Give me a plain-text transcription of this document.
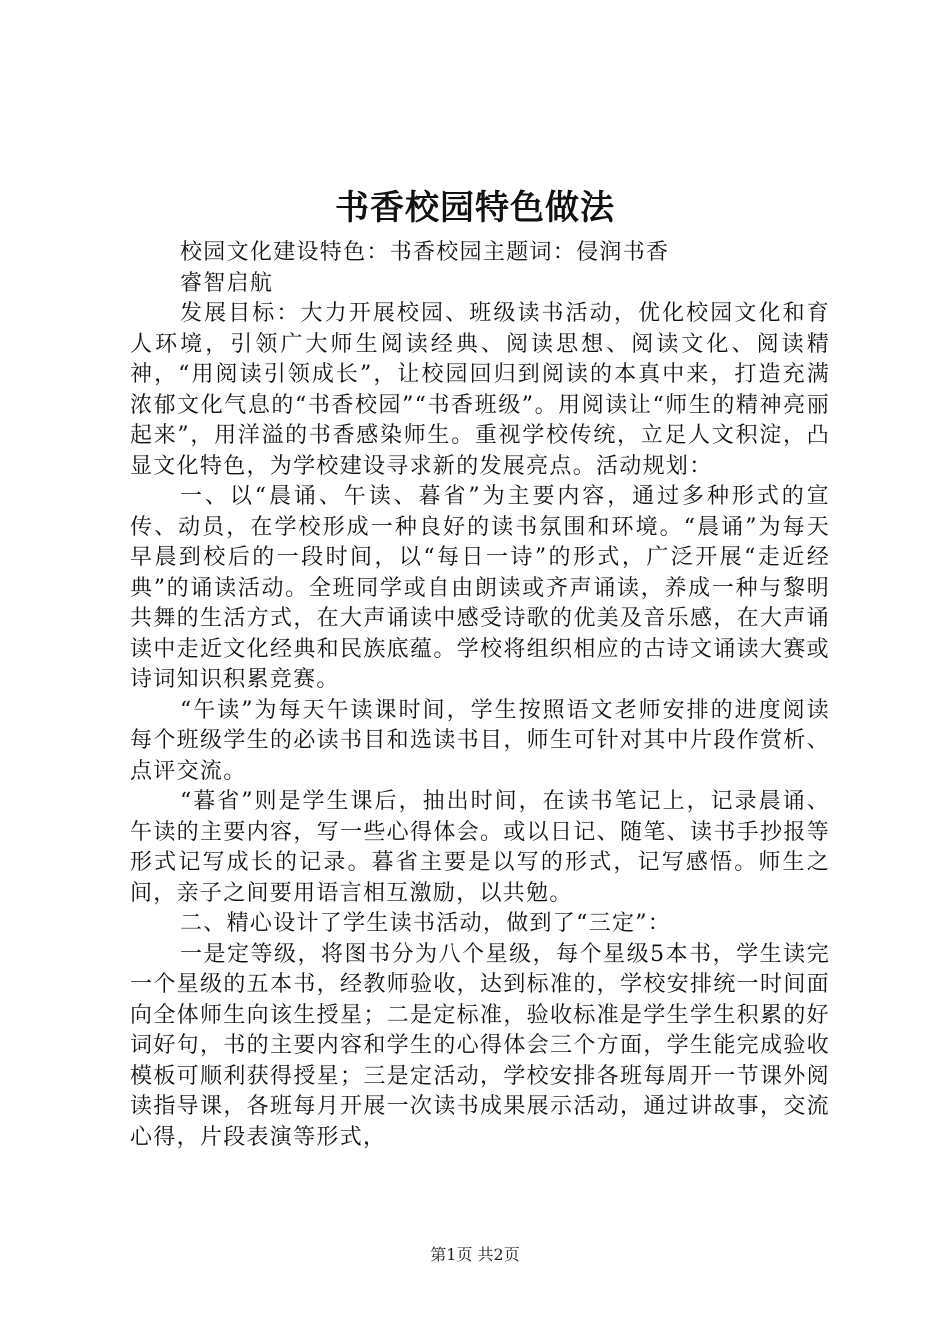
书香校园特色做法

校园文化建设特色：书香校园主题词：侵润书香

睿智启航

发展目标：大力开展校园、班级读书活动，优化校园文化和育人环境，引领广大师生阅读经典、阅读思想、阅读文化、阅读精神，“用阅读引领成长”，让校园回归到阅读的本真中来，打造充满浓郁文化气息的“书香校园”“书香班级”。用阅读让“师生的精神亮丽起来”，用洋溢的书香感染师生。重视学校传统，立足人文积淀，凸显文化特色，为学校建设寻求新的发展亮点。活动规划：

一、以“晨诵、午读、暮省”为主要内容，通过多种形式的宣传、动员，在学校形成一种良好的读书氛围和环境。“晨诵”为每天早晨到校后的一段时间，以“每日一诗”的形式，广泛开展“走近经典”的诵读活动。全班同学或自由朗读或齐声诵读，养成一种与黎明共舞的生活方式，在大声诵读中感受诗歌的优美及音乐感，在大声诵读中走近文化经典和民族底蕴。学校将组织相应的古诗文诵读大赛或诗词知识积累竞赛。

“午读”为每天午读课时间，学生按照语文老师安排的进度阅读每个班级学生的必读书目和选读书目，师生可针对其中片段作赏析、点评交流。

“暮省”则是学生课后，抽出时间，在读书笔记上，记录晨诵、午读的主要内容，写一些心得体会。或以日记、随笔、读书手抄报等形式记写成长的记录。暮省主要是以写的形式，记写感悟。师生之间，亲子之间要用语言相互激励，以共勉。

二、精心设计了学生读书活动，做到了“三定”：

一是定等级，将图书分为八个星级，每个星级5本书，学生读完一个星级的五本书，经教师验收，达到标准的，学校安排统一时间面向全体师生向该生授星；二是定标准，验收标准是学生学生积累的好词好句，书的主要内容和学生的心得体会三个方面，学生能完成验收模板可顺利获得授星；三是定活动，学校安排各班每周开一节课外阅读指导课，各班每月开展一次读书成果展示活动，通过讲故事，交流心得，片段表演等形式，

第1页 共2页
